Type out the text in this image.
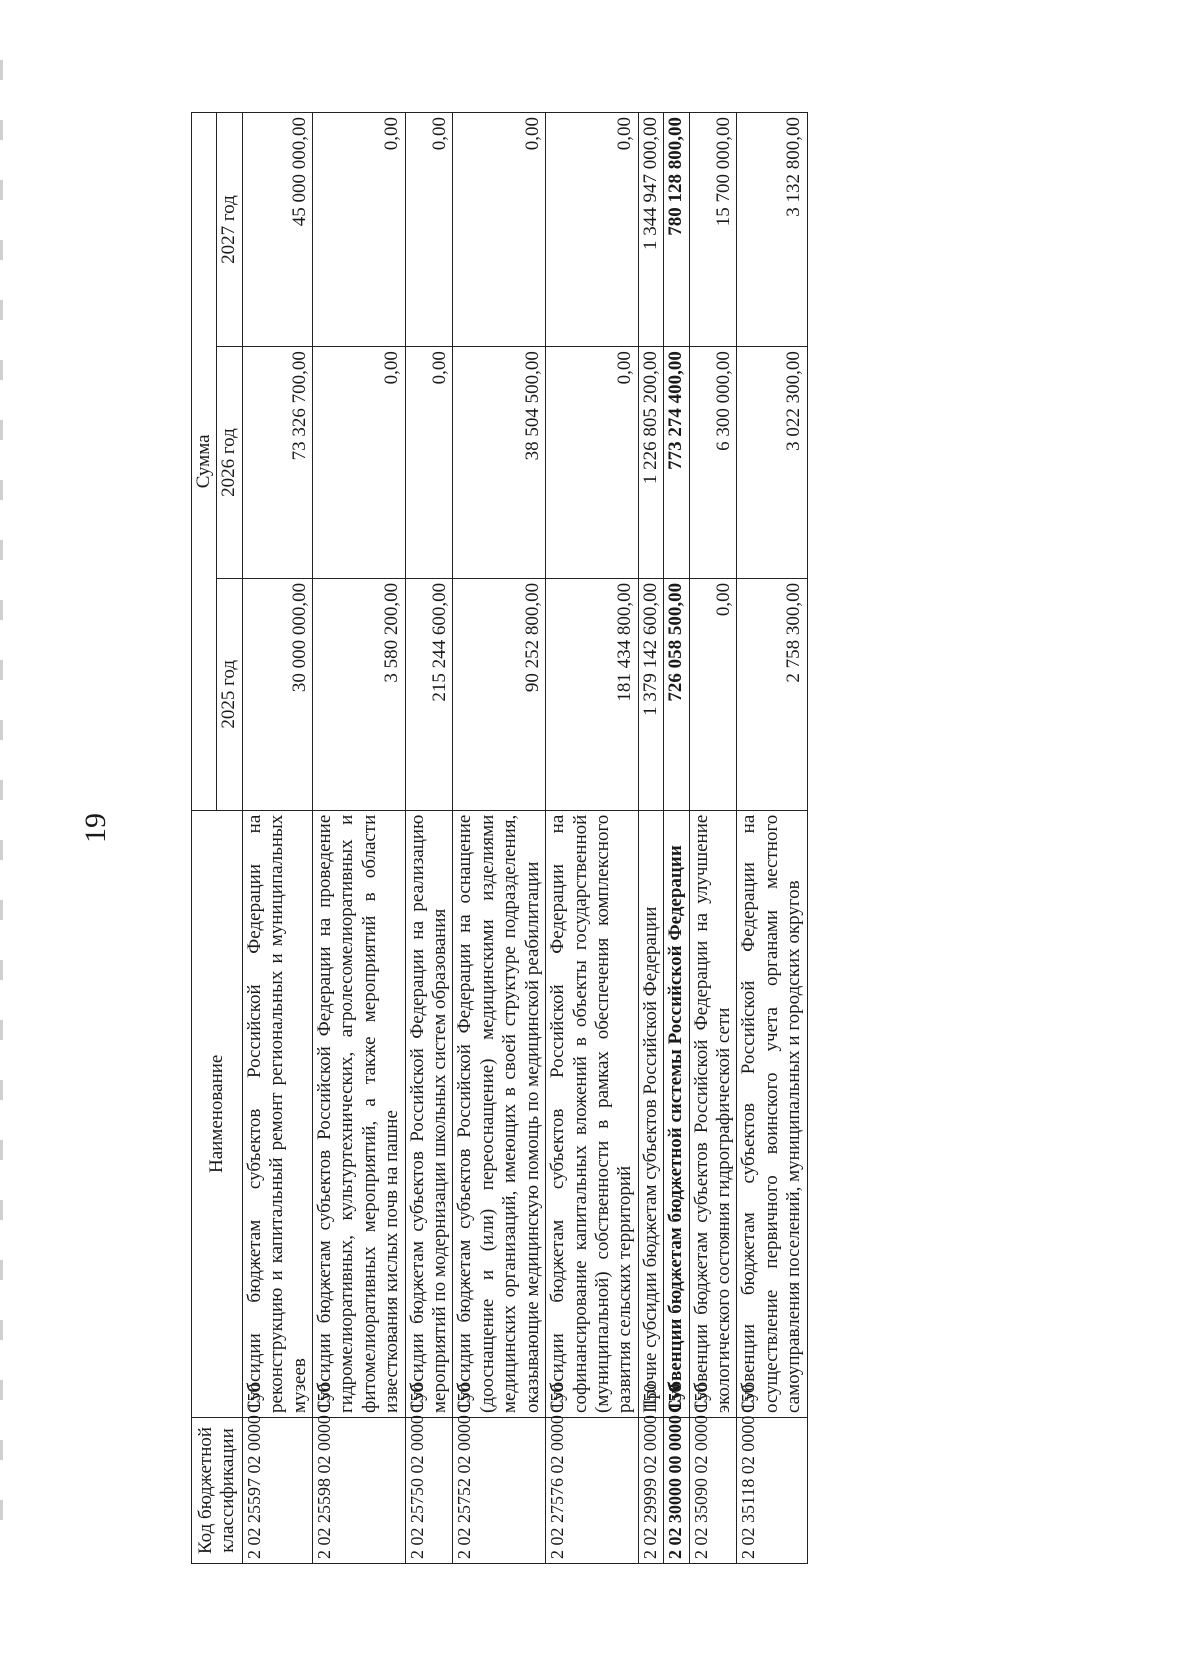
19
Код бюджетной классификации	Наименование	Сумма		
		2025 год	2026 год	2027 год
2 02 25597 02 0000 150	Субсидии бюджетам субъектов Российской Федерации на реконструкцию и капитальный ремонт региональных и муниципальных музеев	30 000 000,00	73 326 700,00	45 000 000,00
2 02 25598 02 0000 150	Субсидии бюджетам субъектов Российской Федерации на проведение гидромелиоративных, культуртехнических, агролесомелиоративных и фитомелиоративных мероприятий, а также мероприятий в области известкования кислых почв на пашне	3 580 200,00	0,00	0,00
2 02 25750 02 0000 150	Субсидии бюджетам субъектов Российской Федерации на реализацию мероприятий по модернизации школьных систем образования	215 244 600,00	0,00	0,00
2 02 25752 02 0000 150	Субсидии бюджетам субъектов Российской Федерации на оснащение (дооснащение и (или) переоснащение) медицинскими изделиями медицинских организаций, имеющих в своей структуре подразделения, оказывающие медицинскую помощь по медицинской реабилитации	90 252 800,00	38 504 500,00	0,00
2 02 27576 02 0000 150	Субсидии бюджетам субъектов Российской Федерации на софинансирование капитальных вложений в объекты государственной (муниципальной) собственности в рамках обеспечения комплексного развития сельских территорий	181 434 800,00	0,00	0,00
2 02 29999 02 0000 150	Прочие субсидии бюджетам субъектов Российской Федерации	1 379 142 600,00	1 226 805 200,00	1 344 947 000,00
2 02 30000 00 0000 150	Субвенции бюджетам бюджетной системы Российской Федерации	726 058 500,00	773 274 400,00	780 128 800,00
2 02 35090 02 0000 150	Субвенции бюджетам субъектов Российской Федерации на улучшение экологического состояния гидрографической сети	0,00	6 300 000,00	15 700 000,00
2 02 35118 02 0000 150	Субвенции бюджетам субъектов Российской Федерации на осуществление первичного воинского учета органами местного самоуправления поселений, муниципальных и городских округов	2 758 300,00	3 022 300,00	3 132 800,00
